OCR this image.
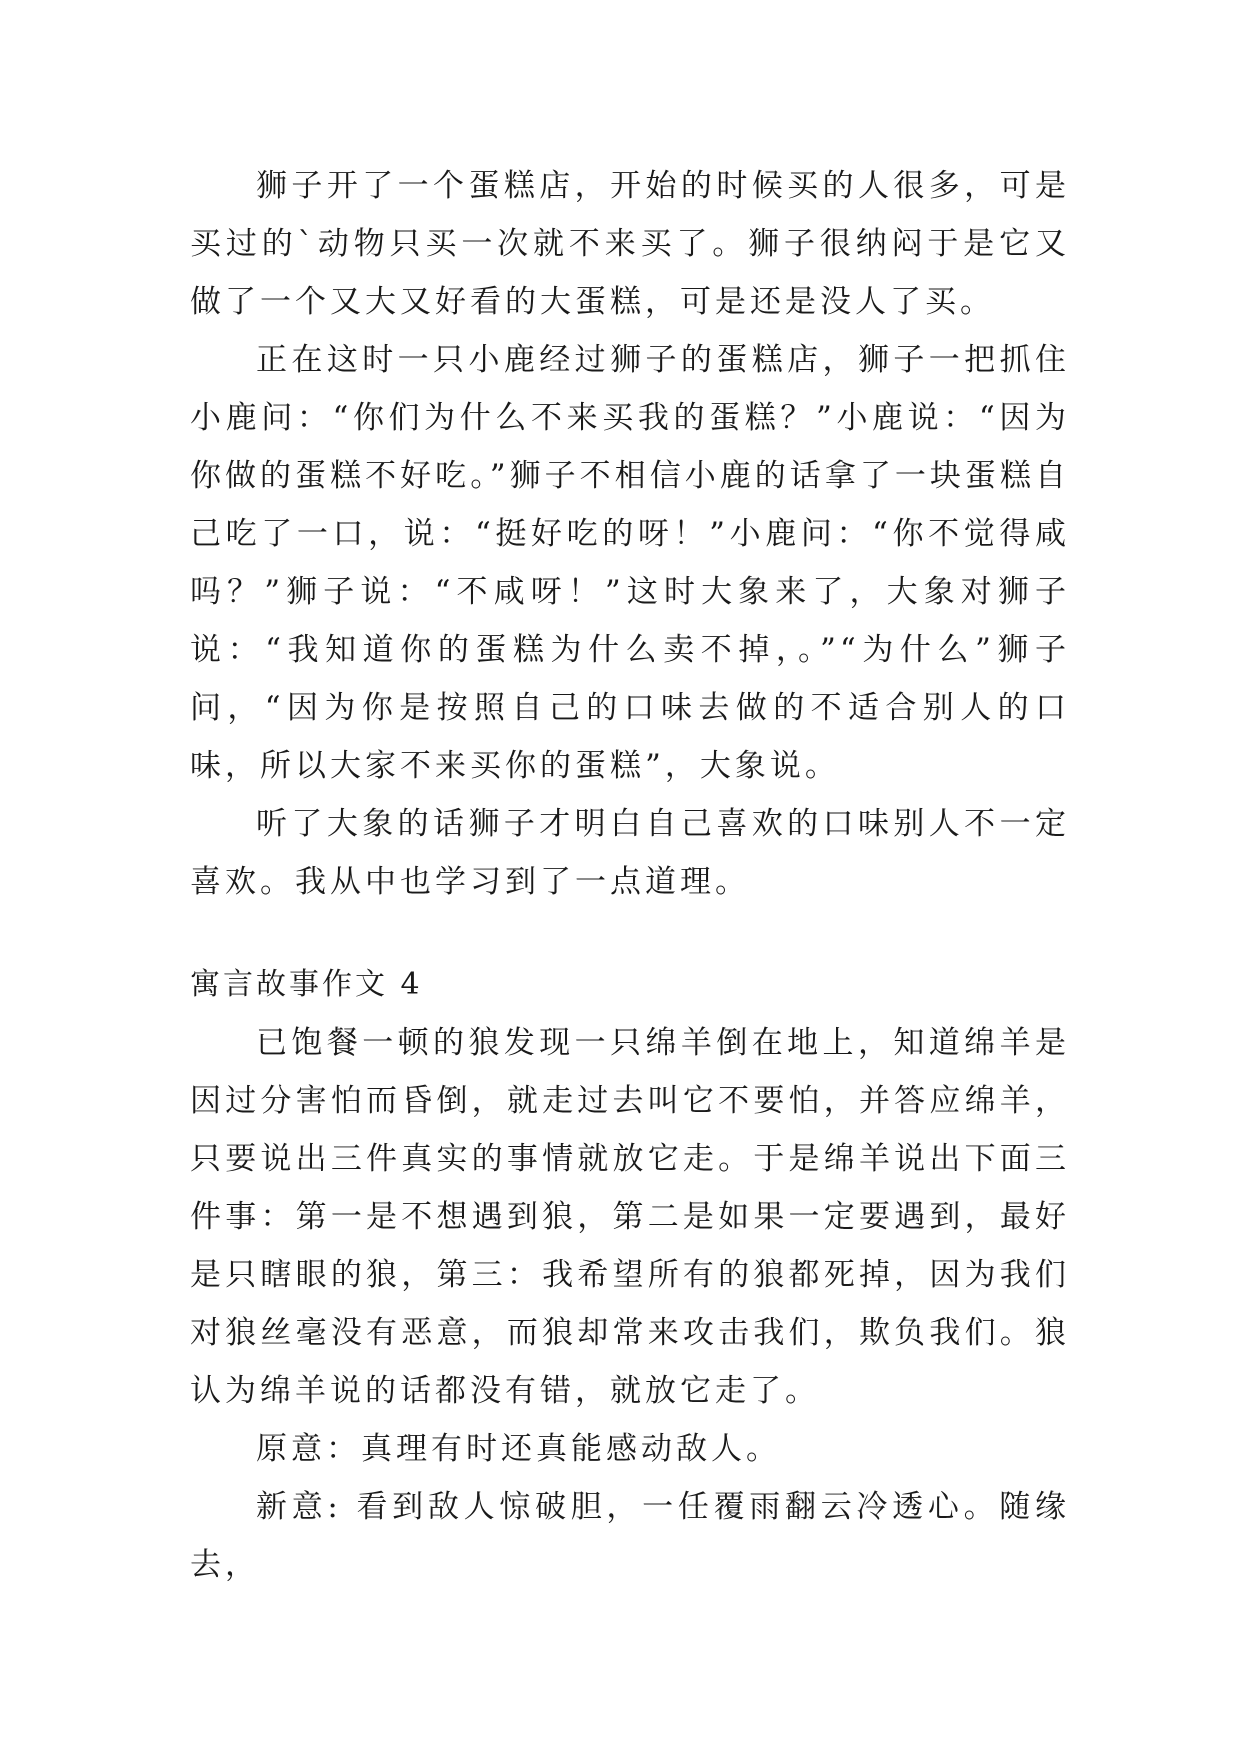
狮子开了一个蛋糕店，开始的时候买的人很多，可是买过的`动物只买一次就不来买了。狮子很纳闷于是它又做了一个又大又好看的大蛋糕，可是还是没人了买。

正在这时一只小鹿经过狮子的蛋糕店，狮子一把抓住小鹿问：“你们为什么不来买我的蛋糕？”小鹿说：“因为你做的蛋糕不好吃。”狮子不相信小鹿的话拿了一块蛋糕自己吃了一口，说：“挺好吃的呀！”小鹿问：“你不觉得咸吗？”狮子说：“不咸呀！”这时大象来了，大象对狮子说：“我知道你的蛋糕为什么卖不掉，。”“为什么”狮子问，“因为你是按照自己的口味去做的不适合别人的口味，所以大家不来买你的蛋糕”，大象说。

听了大象的话狮子才明白自己喜欢的口味别人不一定喜欢。我从中也学习到了一点道理。

寓言故事作文 4

已饱餐一顿的狼发现一只绵羊倒在地上，知道绵羊是因过分害怕而昏倒，就走过去叫它不要怕，并答应绵羊，只要说出三件真实的事情就放它走。于是绵羊说出下面三件事：第一是不想遇到狼，第二是如果一定要遇到，最好是只瞎眼的狼，第三：我希望所有的狼都死掉，因为我们对狼丝毫没有恶意，而狼却常来攻击我们，欺负我们。狼认为绵羊说的话都没有错，就放它走了。

原意：真理有时还真能感动敌人。

新意: 看到敌人惊破胆，一任覆雨翻云冷透心。随缘去，
